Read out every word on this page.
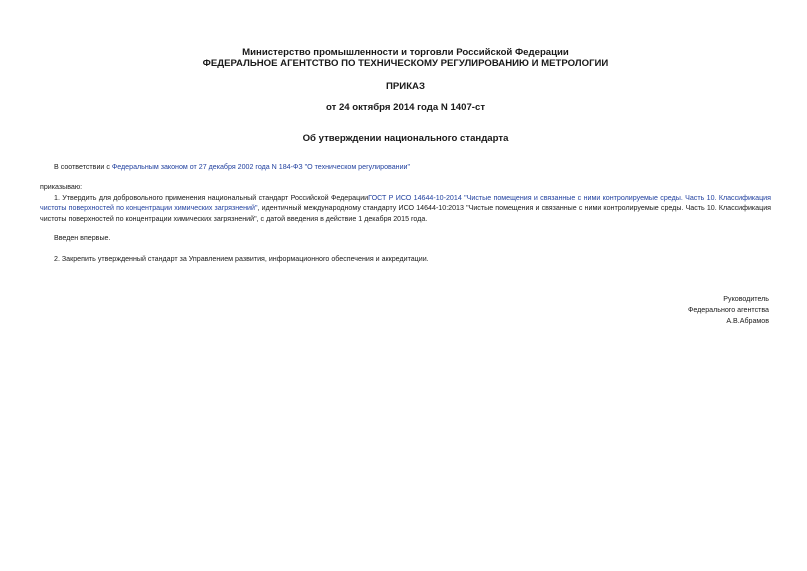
Министерство промышленности и торговли Российской Федерации
ФЕДЕРАЛЬНОЕ АГЕНТСТВО ПО ТЕХНИЧЕСКОМУ РЕГУЛИРОВАНИЮ И МЕТРОЛОГИИ
ПРИКАЗ
от 24 октября 2014 года N 1407-ст
Об утверждении национального стандарта
В соответствии с Федеральным законом от 27 декабря 2002 года N 184-ФЗ "О техническом регулировании"
приказываю:
1. Утвердить для добровольного применения национальный стандарт Российской ФедерацииГОСТ Р ИСО 14644-10-2014 "Чистые помещения и связанные с ними контролируемые среды. Часть 10. Классификация чистоты поверхностей по концентрации химических загрязнений", идентичный международному стандарту ИСО 14644-10:2013 "Чистые помещения и связанные с ними контролируемые среды. Часть 10. Классификация чистоты поверхностей по концентрации химических загрязнений", с датой введения в действие 1 декабря 2015 года.
Введен впервые.
2. Закрепить утвержденный стандарт за Управлением развития, информационного обеспечения и аккредитации.
Руководитель
Федерального агентства
А.В.Абрамов
